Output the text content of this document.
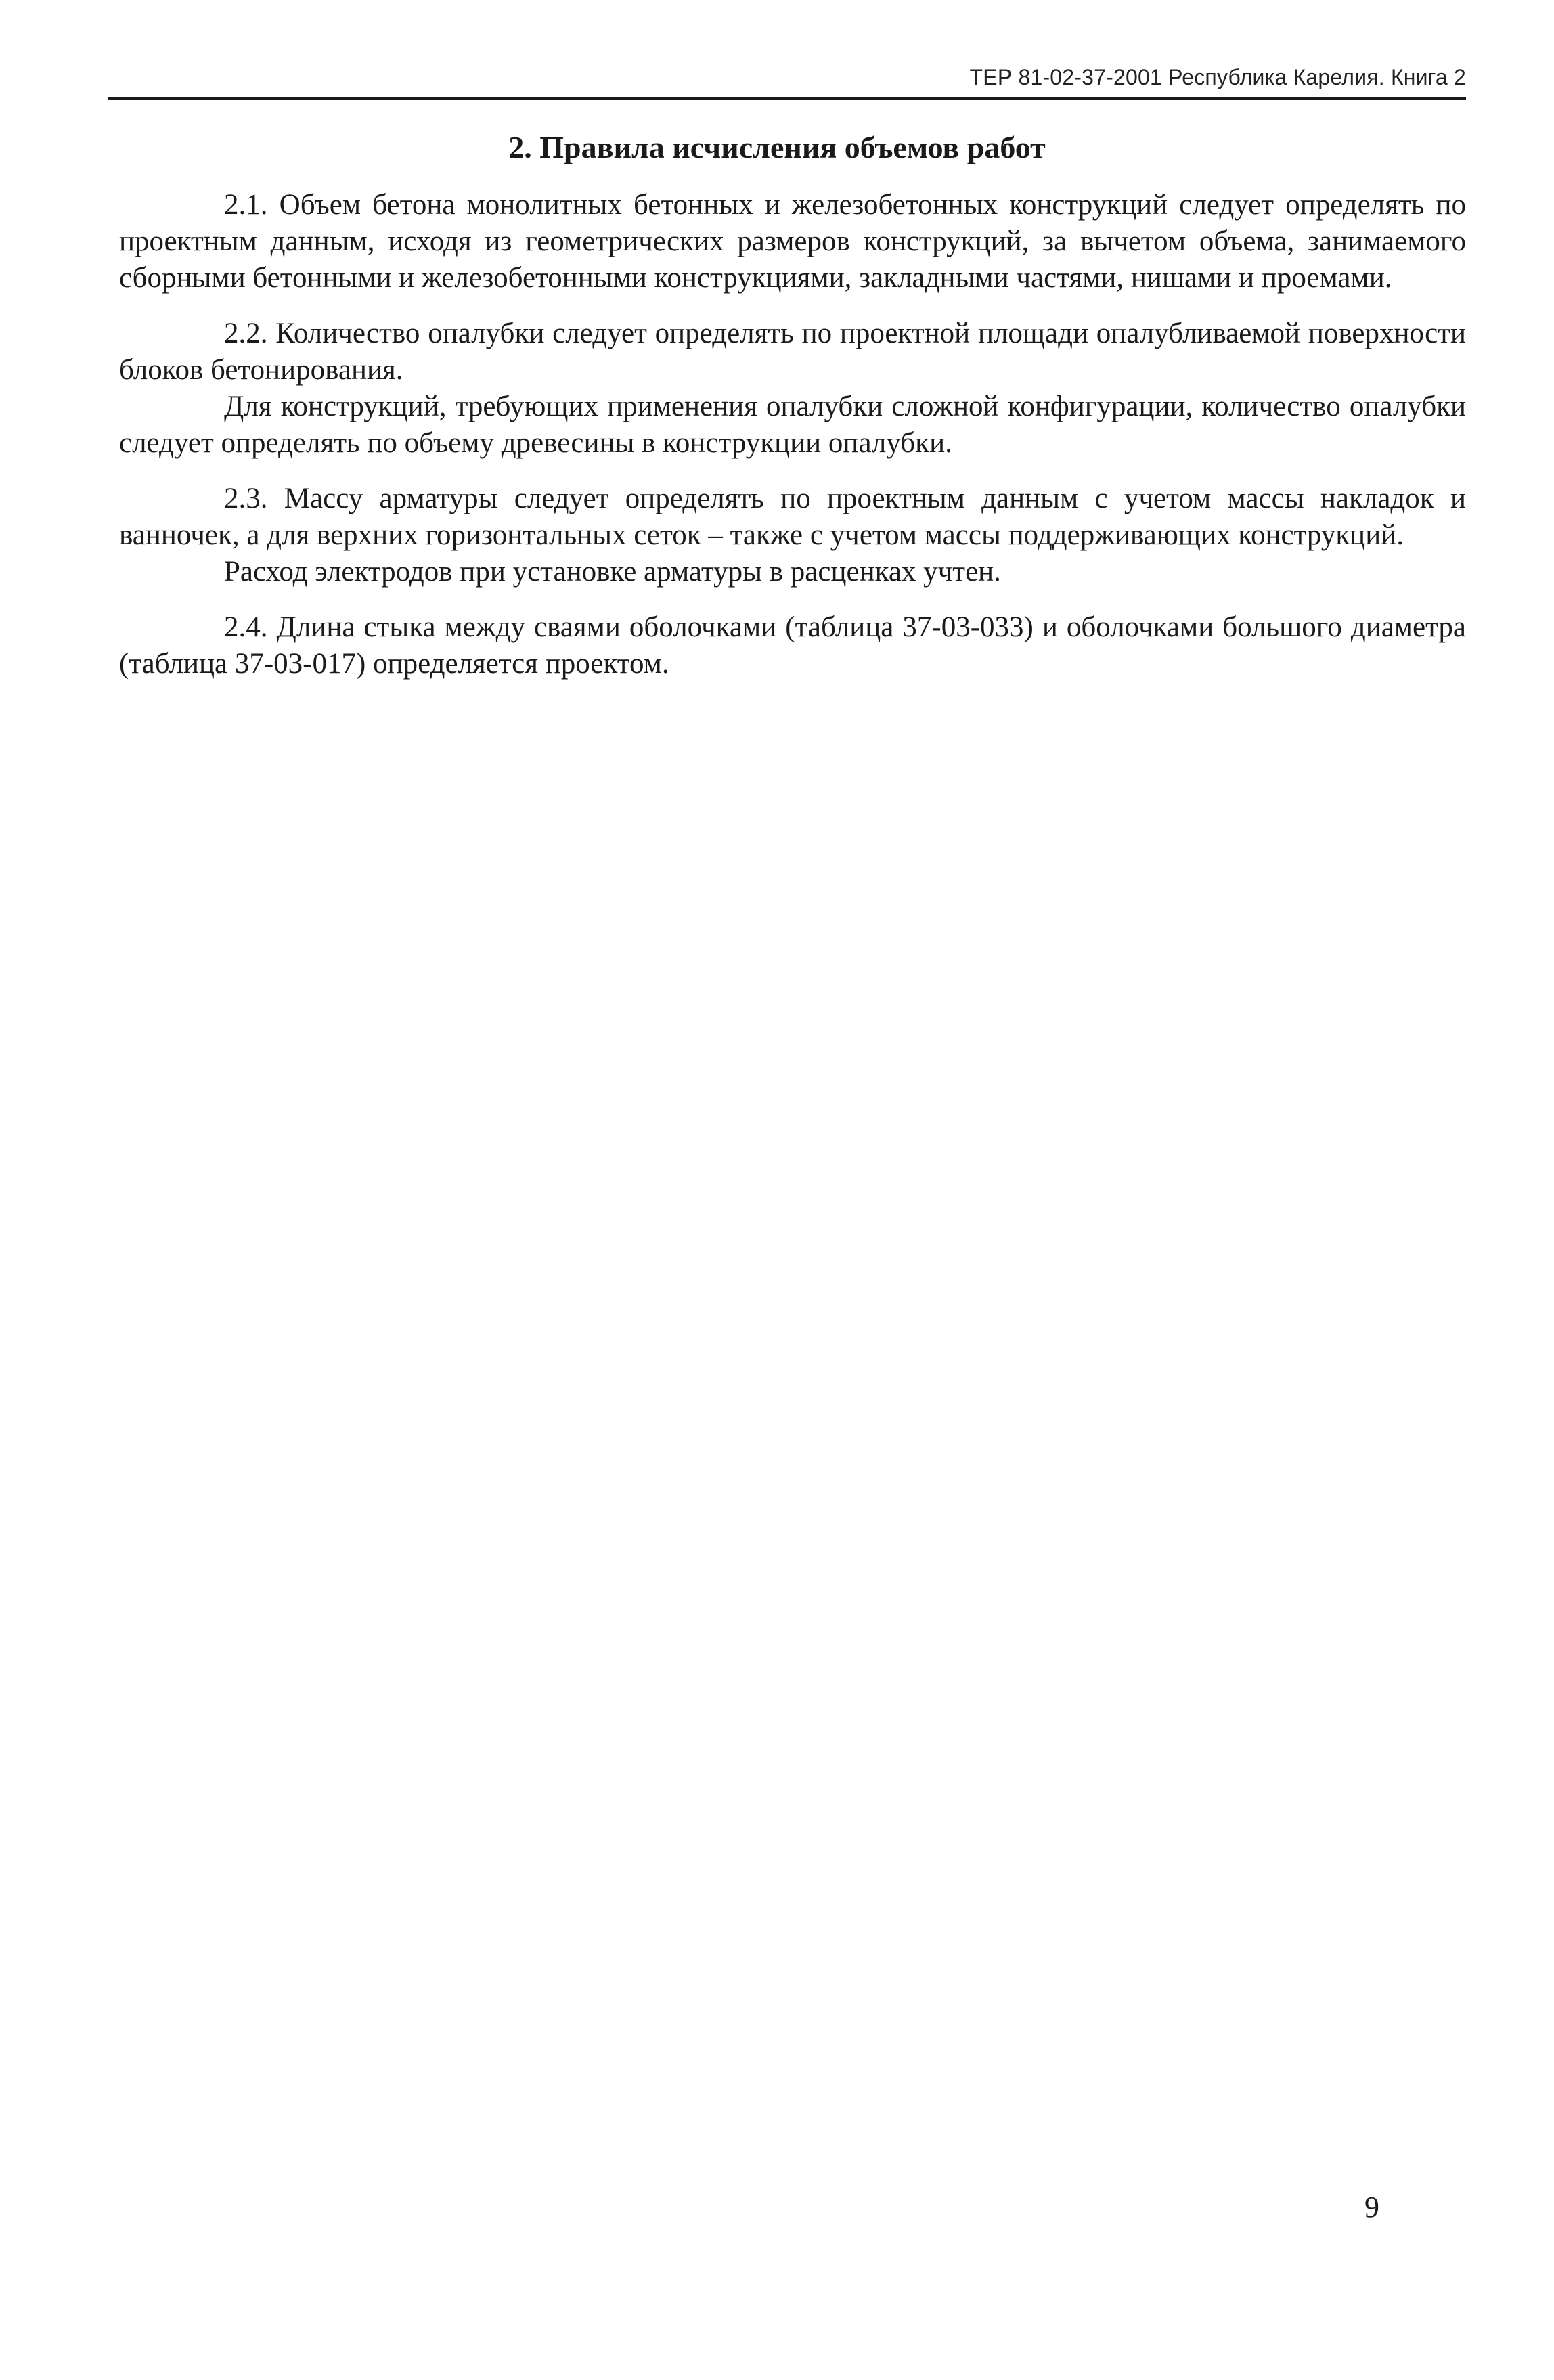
ТЕР 81-02-37-2001 Республика Карелия. Книга 2
2. Правила исчисления объемов работ

2.1. Объем бетона монолитных бетонных и железобетонных конструкций следует определять по проектным данным, исходя из геометрических размеров конструкций, за вычетом объема, занимаемого сборными бетонными и железобетонными конструкциями, закладными частями, нишами и проемами.

2.2. Количество опалубки следует определять по проектной площади опалубливаемой поверхности блоков бетонирования.

Для конструкций, требующих применения опалубки сложной конфигурации, количество опалубки следует определять по объему древесины в конструкции опалубки.

2.3. Массу арматуры следует определять по проектным данным с учетом массы накладок и ванночек, а для верхних горизонтальных сеток – также с учетом массы поддерживающих конструкций.

Расход электродов при установке арматуры в расценках учтен.

2.4. Длина стыка между сваями оболочками (таблица 37-03-033) и оболочками большого диаметра (таблица 37-03-017) определяется проектом.

9
